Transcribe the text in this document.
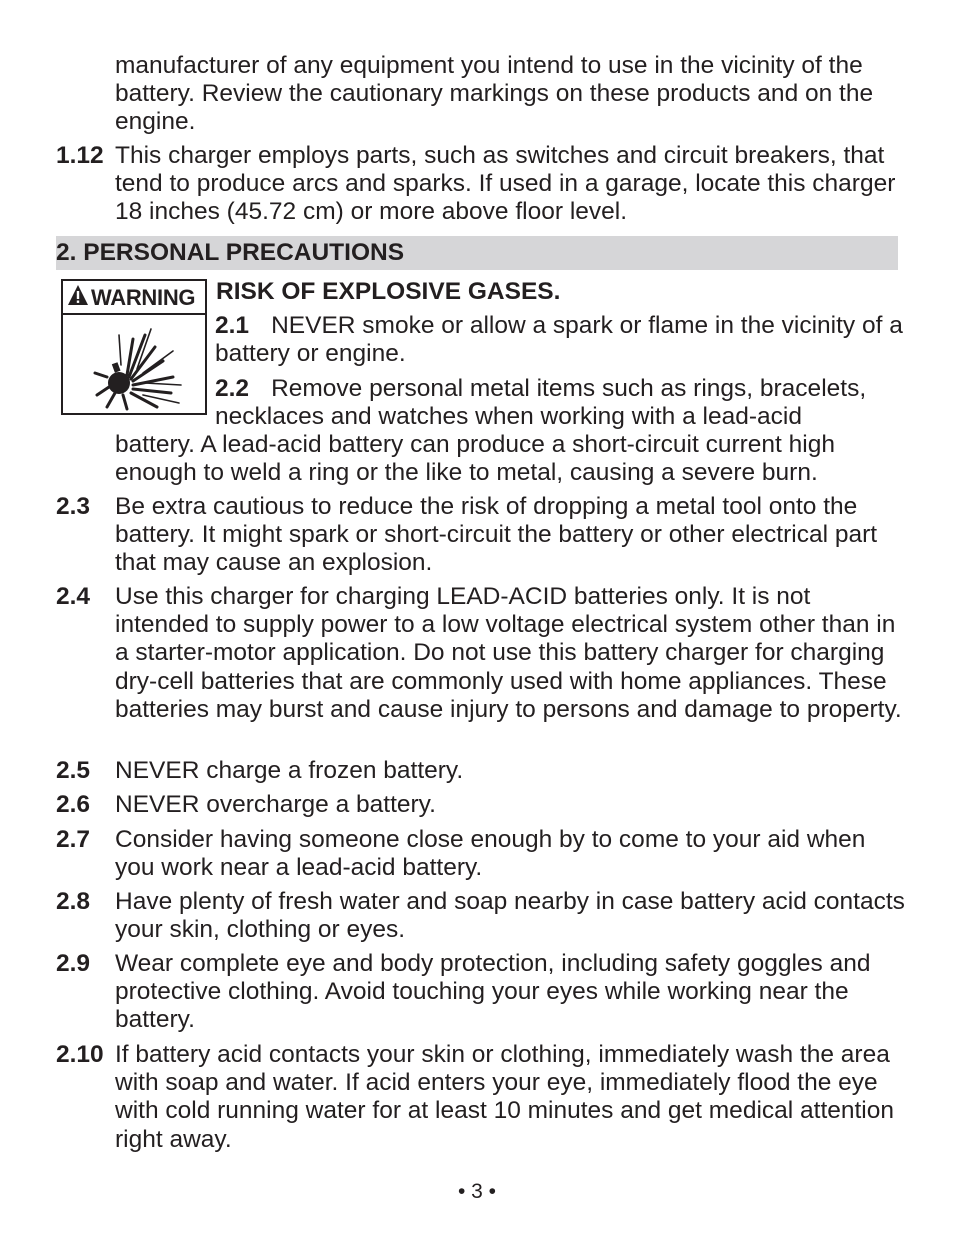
manufacturer of any equipment you intend to use in the vicinity of the battery. Review the cautionary markings on these products and on the engine.
1.12 This charger employs parts, such as switches and circuit breakers, that tend to produce arcs and sparks. If used in a garage, locate this charger 18 inches (45.72 cm) or more above floor level.
2. PERSONAL PRECAUTIONS
WARNING RISK OF EXPLOSIVE GASES.
2.1 NEVER smoke or allow a spark or flame in the vicinity of a battery or engine.
2.2 Remove personal metal items such as rings, bracelets, necklaces and watches when working with a lead-acid
battery. A lead-acid battery can produce a short-circuit current high enough to weld a ring or the like to metal, causing a severe burn.
2.3 Be extra cautious to reduce the risk of dropping a metal tool onto the battery. It might spark or short-circuit the battery or other electrical part that may cause an explosion.
2.4 Use this charger for charging LEAD-ACID batteries only. It is not intended to supply power to a low voltage electrical system other than in a starter-motor application. Do not use this battery charger for charging dry-cell batteries that are commonly used with home appliances. These batteries may burst and cause injury to persons and damage to property.
2.5 NEVER charge a frozen battery.
2.6 NEVER overcharge a battery.
2.7 Consider having someone close enough by to come to your aid when you work near a lead-acid battery.
2.8 Have plenty of fresh water and soap nearby in case battery acid contacts your skin, clothing or eyes.
2.9 Wear complete eye and body protection, including safety goggles and protective clothing. Avoid touching your eyes while working near the battery.
2.10 If battery acid contacts your skin or clothing, immediately wash the area with soap and water. If acid enters your eye, immediately flood the eye with cold running water for at least 10 minutes and get medical attention right away.
• 3 •
